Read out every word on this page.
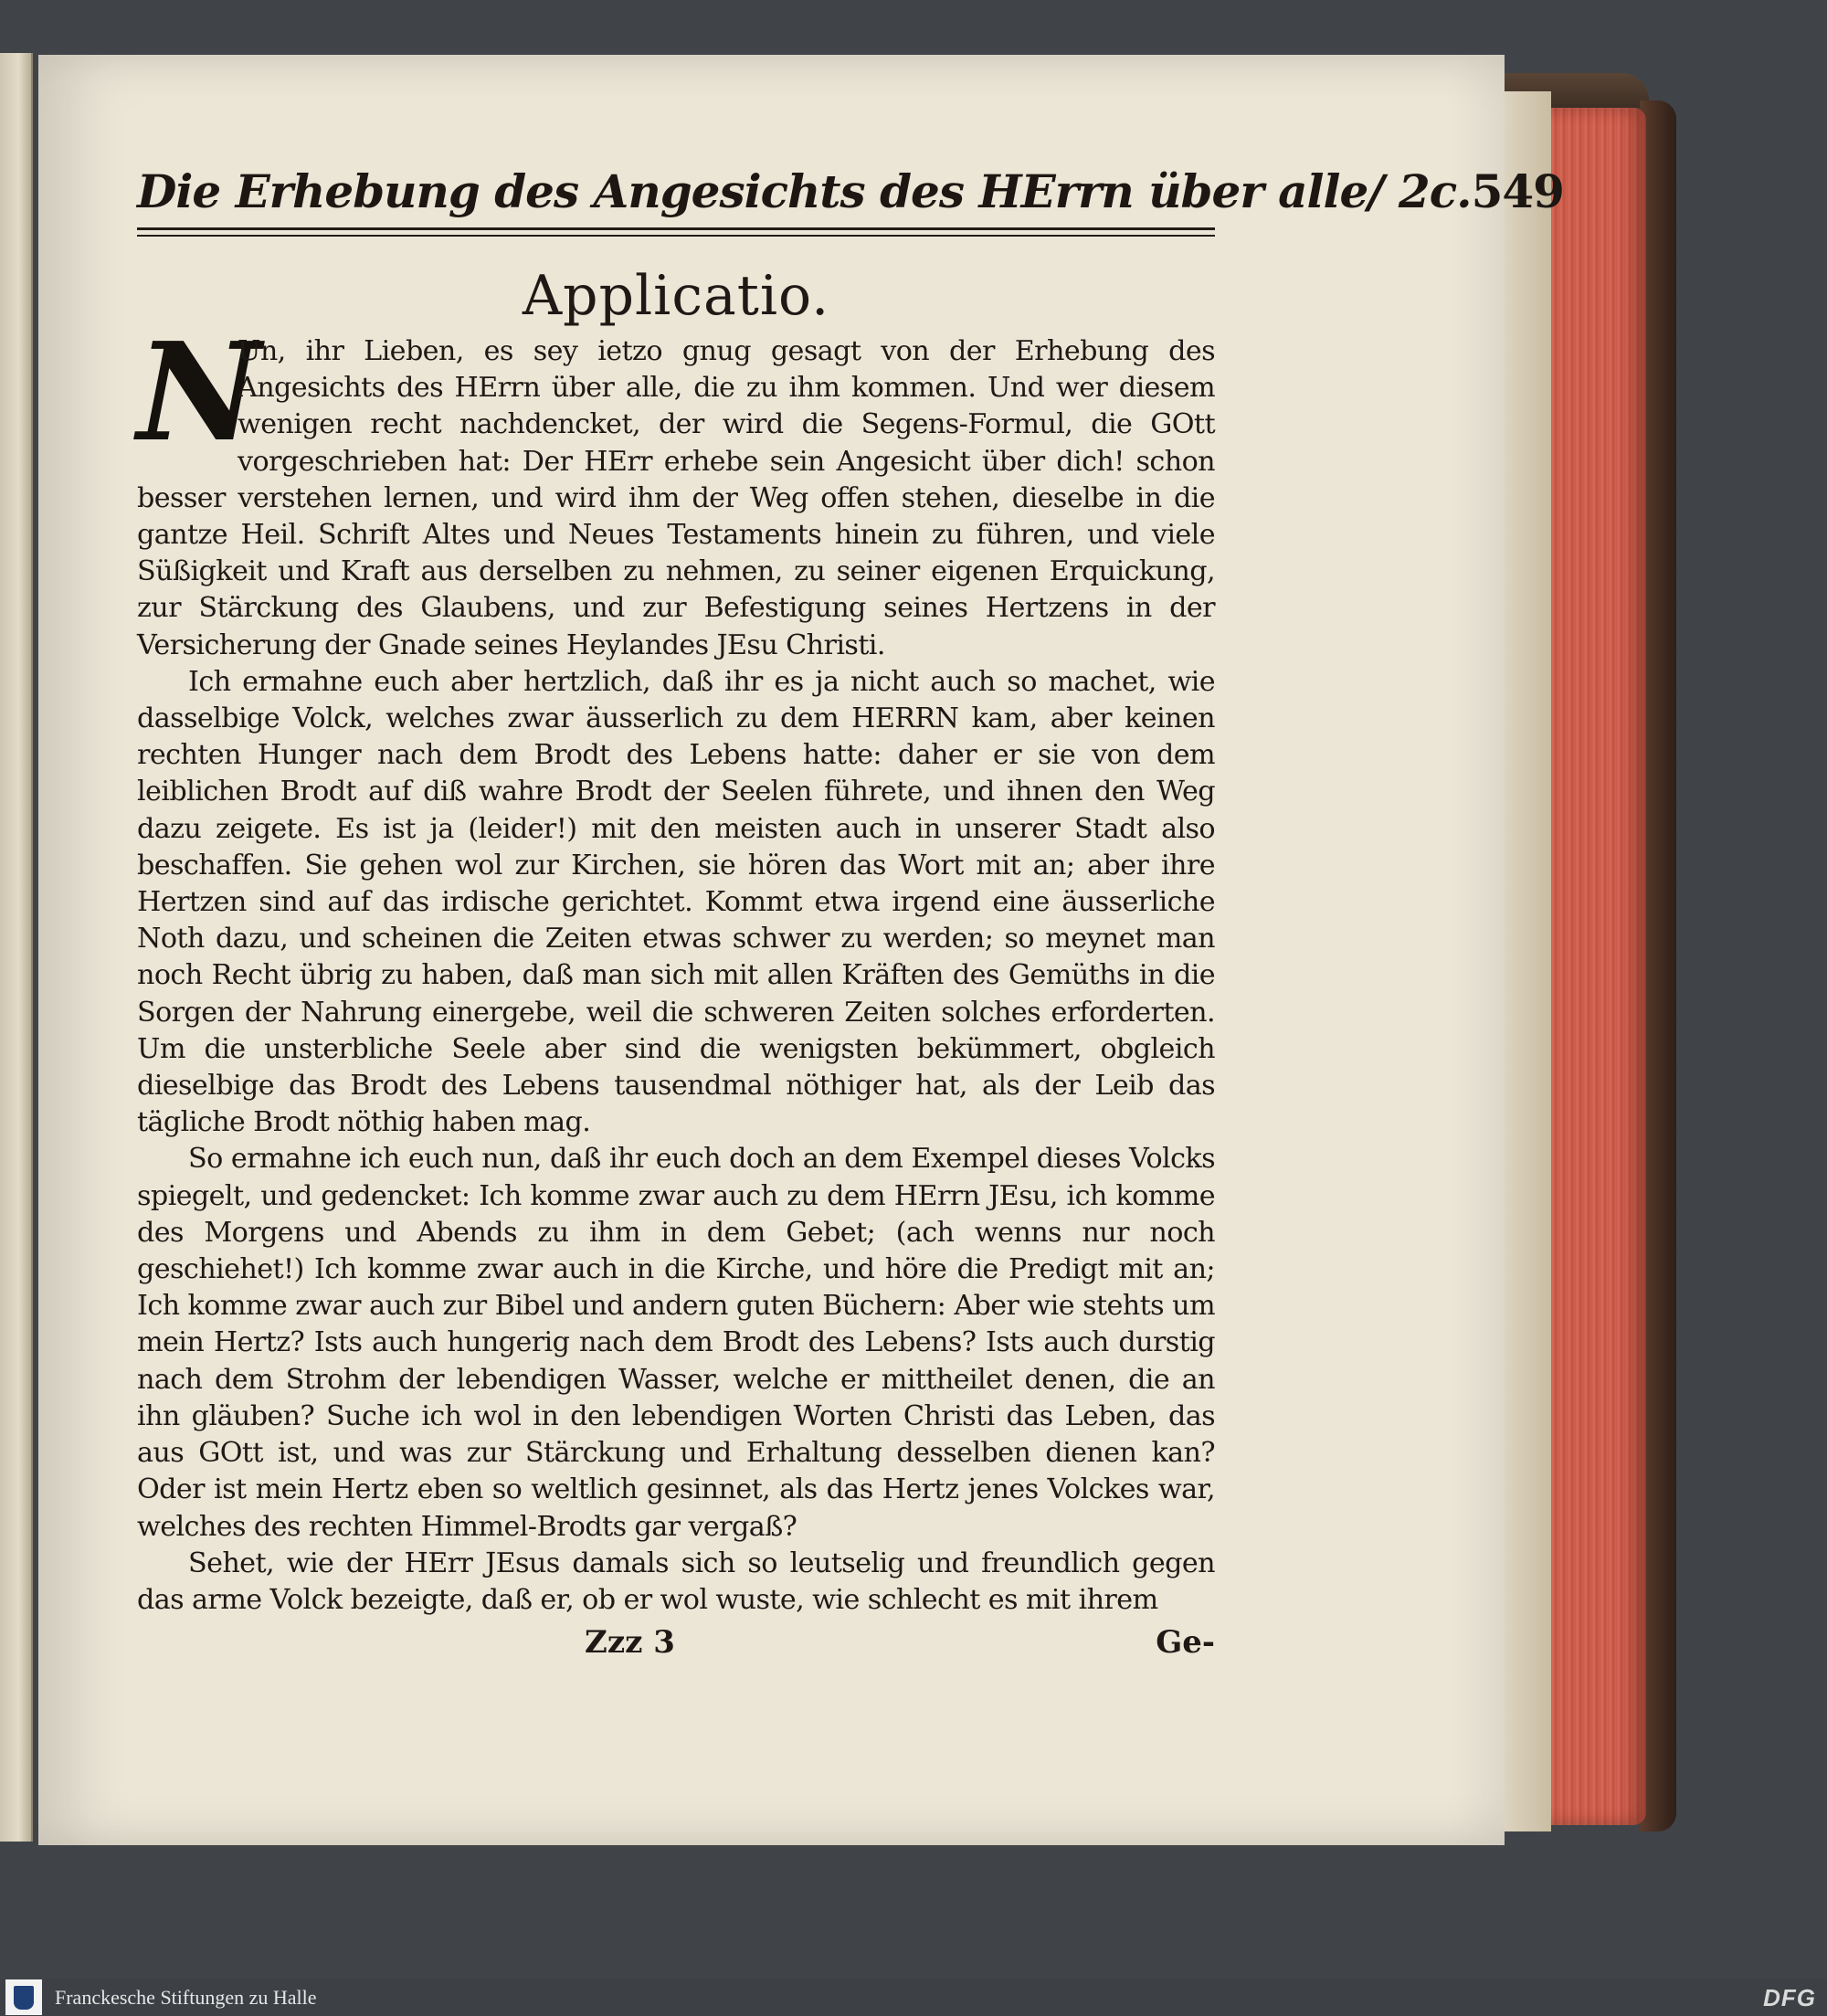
Die Erhebung des Angesichts des HErrn über alle/ 2c. 549
Applicatio.
N

Un, ihr Lieben, es sey ietzo gnug gesagt von der Erhebung des Angesichts des HErrn über alle, die zu ihm kommen. Und wer diesem wenigen recht nachdencket, der wird die Segens-Formul, die GOtt vorgeschrieben hat: Der HErr erhebe sein Angesicht über dich! schon besser verstehen lernen, und wird ihm der Weg offen stehen, dieselbe in die gantze Heil. Schrift Altes und Neues Testaments hinein zu führen, und viele Süßigkeit und Kraft aus derselben zu nehmen, zu seiner eigenen Erquickung, zur Stärckung des Glaubens, und zur Befestigung seines Hertzens in der Versicherung der Gnade seines Heylandes JEsu Christi.

Ich ermahne euch aber hertzlich, daß ihr es ja nicht auch so machet, wie dasselbige Volck, welches zwar äusserlich zu dem HERRN kam, aber keinen rechten Hunger nach dem Brodt des Lebens hatte: daher er sie von dem leiblichen Brodt auf diß wahre Brodt der Seelen führete, und ihnen den Weg dazu zeigete. Es ist ja (leider!) mit den meisten auch in unserer Stadt also beschaffen. Sie gehen wol zur Kirchen, sie hören das Wort mit an; aber ihre Hertzen sind auf das irdische gerichtet. Kommt etwa irgend eine äusserliche Noth dazu, und scheinen die Zeiten etwas schwer zu werden; so meynet man noch Recht übrig zu haben, daß man sich mit allen Kräften des Gemüths in die Sorgen der Nahrung einergebe, weil die schweren Zeiten solches erforderten. Um die unsterbliche Seele aber sind die wenigsten bekümmert, obgleich dieselbige das Brodt des Lebens tausendmal nöthiger hat, als der Leib das tägliche Brodt nöthig haben mag.

So ermahne ich euch nun, daß ihr euch doch an dem Exempel dieses Volcks spiegelt, und gedencket: Ich komme zwar auch zu dem HErrn JEsu, ich komme des Morgens und Abends zu ihm in dem Gebet; (ach wenns nur noch geschiehet!) Ich komme zwar auch in die Kirche, und höre die Predigt mit an; Ich komme zwar auch zur Bibel und andern guten Büchern: Aber wie stehts um mein Hertz? Ists auch hungerig nach dem Brodt des Lebens? Ists auch durstig nach dem Strohm der lebendigen Wasser, welche er mittheilet denen, die an ihn gläuben? Suche ich wol in den lebendigen Worten Christi das Leben, das aus GOtt ist, und was zur Stärckung und Erhaltung desselben dienen kan? Oder ist mein Hertz eben so weltlich gesinnet, als das Hertz jenes Volckes war, welches des rechten Himmel-Brodts gar vergaß?

Sehet, wie der HErr JEsus damals sich so leutselig und freundlich gegen das arme Volck bezeigte, daß er, ob er wol wuste, wie schlecht es mit ihrem

Zzz 3	Ge-
Franckesche Stiftungen zu Halle	DFG
